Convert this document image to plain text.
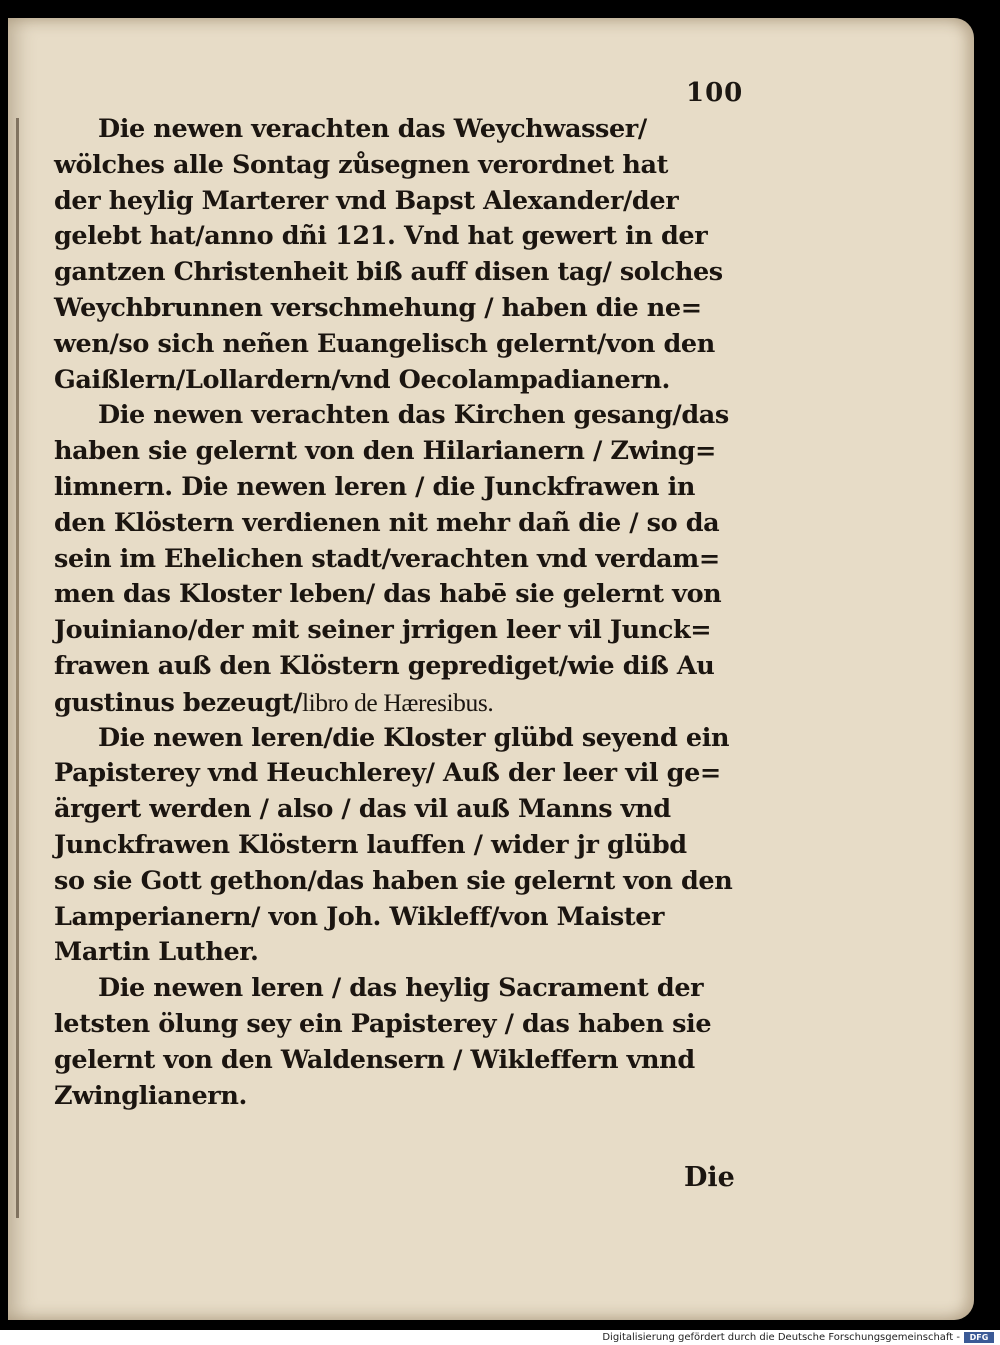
100
Die newen verachten das Weychwasser/
wölches alle Sontag zůsegnen verordnet hat
der heylig Marterer vnd Bapst Alexander/der
gelebt hat/anno dñi 121. Vnd hat gewert in der
gantzen Christenheit biß auff disen tag/ solches
Weychbrunnen verschmehung / haben die ne=
wen/so sich neñen Euangelisch gelernt/von den
Gaißlern/Lollardern/vnd Oecolampadianern.
Die newen verachten das Kirchen gesang/das
haben sie gelernt von den Hilarianern / Zwing=
limnern. Die newen leren / die Junckfrawen in
den Klöstern verdienen nit mehr dañ die / so da
sein im Ehelichen stadt/verachten vnd verdam=
men das Kloster leben/ das habē sie gelernt von
Jouiniano/der mit seiner jrrigen leer vil Junck=
frawen auß den Klöstern geprediget/wie diß Au
gustinus bezeugt/libro de Hæresibus.
Die newen leren/die Kloster glübd seyend ein
Papisterey vnd Heuchlerey/ Auß der leer vil ge=
ärgert werden / also / das vil auß Manns vnd
Junckfrawen Klöstern lauffen / wider jr glübd
so sie Gott gethon/das haben sie gelernt von den
Lamperianern/ von Joh. Wikleff/von Maister
Martin Luther.
Die newen leren / das heylig Sacrament der
letsten ölung sey ein Papisterey / das haben sie
gelernt von den Waldensern / Wikleffern vnnd
Zwinglianern.
Die
Digitalisierung gefördert durch die Deutsche Forschungsgemeinschaft -	DFG
